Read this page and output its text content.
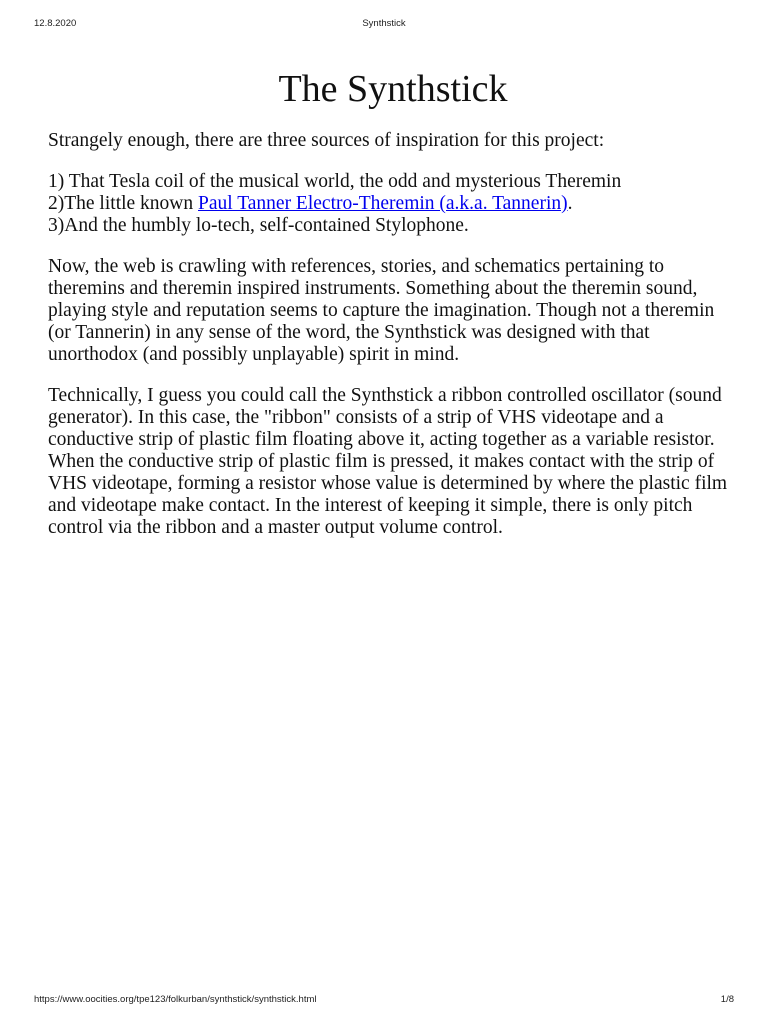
12.8.2020	Synthstick
The Synthstick

Strangely enough, there are three sources of inspiration for this project:

1) That Tesla coil of the musical world, the odd and mysterious Theremin
2)The little known Paul Tanner Electro-Theremin (a.k.a. Tannerin).
3)And the humbly lo-tech, self-contained Stylophone.

Now, the web is crawling with references, stories, and schematics pertaining to theremins and theremin inspired instruments. Something about the theremin sound, playing style and reputation seems to capture the imagination. Though not a theremin (or Tannerin) in any sense of the word, the Synthstick was designed with that unorthodox (and possibly unplayable) spirit in mind.

Technically, I guess you could call the Synthstick a ribbon controlled oscillator (sound generator). In this case, the "ribbon" consists of a strip of VHS videotape and a conductive strip of plastic film floating above it, acting together as a variable resistor. When the conductive strip of plastic film is pressed, it makes contact with the strip of VHS videotape, forming a resistor whose value is determined by where the plastic film and videotape make contact. In the interest of keeping it simple, there is only pitch control via the ribbon and a master output volume control.

https://www.oocities.org/tpe123/folkurban/synthstick/synthstick.html	1/8
